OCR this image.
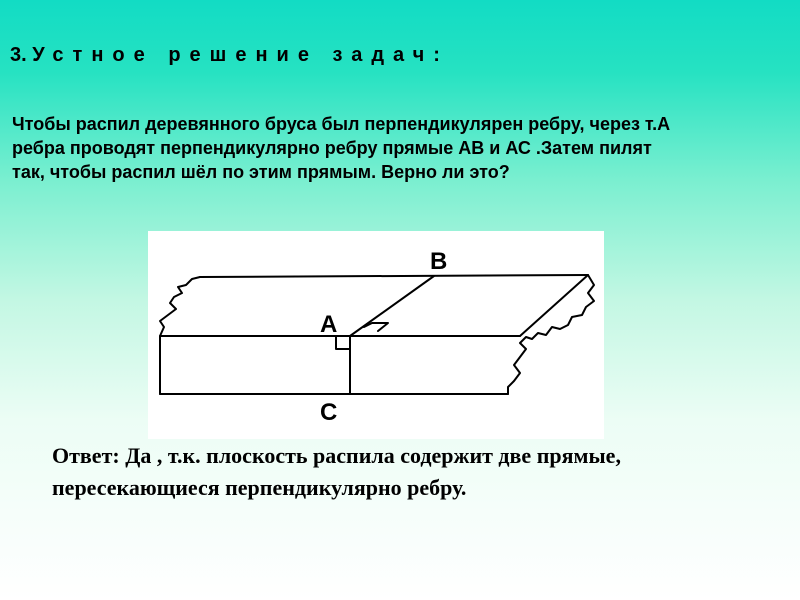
3. Устное решение задач:
Чтобы распил деревянного бруса был перпендикулярен ребру, через т.А
ребра проводят перпендикулярно ребру прямые АВ и АС .Затем пилят
так, чтобы распил шёл по этим прямым. Верно ли это?
A
B
C
Ответ: Да , т.к. плоскость распила содержит две прямые,
пересекающиеся перпендикулярно ребру.
